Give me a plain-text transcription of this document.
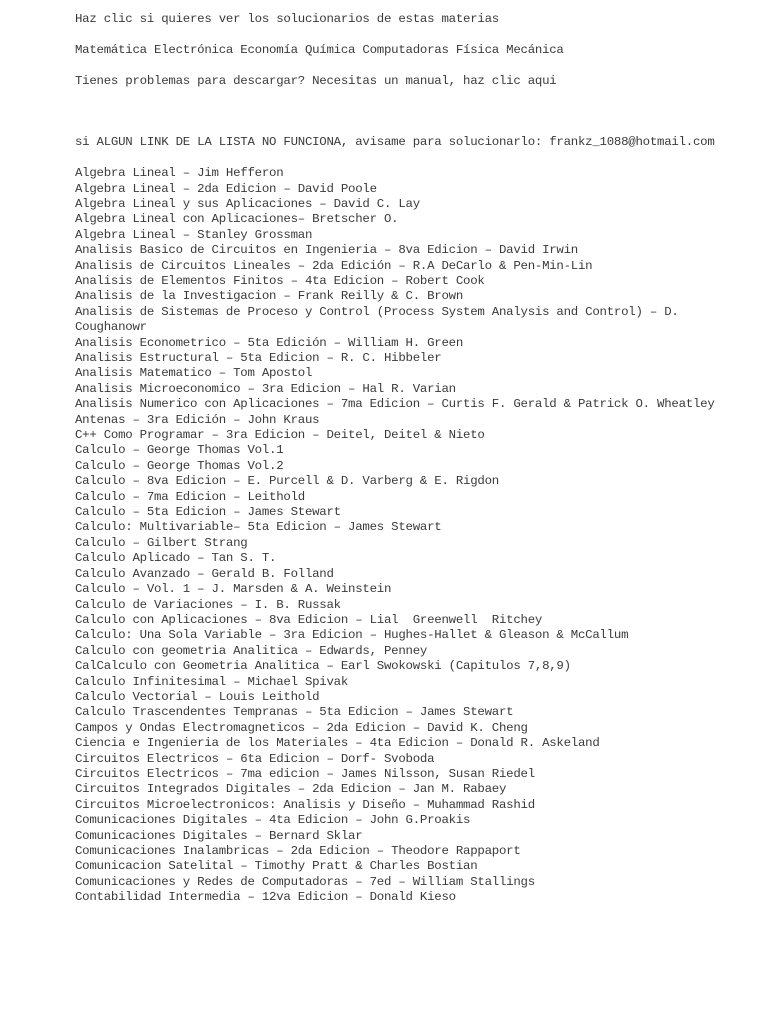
Haz clic si quieres ver los solucionarios de estas materias
Matemática Electrónica Economía Química Computadoras Física Mecánica
Tienes problemas para descargar? Necesitas un manual, haz clic aqui
si ALGUN LINK DE LA LISTA NO FUNCIONA, avisame para solucionarlo: frankz_1088@hotmail.com
Algebra Lineal – Jim Hefferon
Algebra Lineal – 2da Edicion – David Poole
Algebra Lineal y sus Aplicaciones – David C. Lay
Algebra Lineal con Aplicaciones– Bretscher O.
Algebra Lineal – Stanley Grossman
Analisis Basico de Circuitos en Ingenieria – 8va Edicion – David Irwin
Analisis de Circuitos Lineales – 2da Edición – R.A DeCarlo & Pen-Min-Lin
Analisis de Elementos Finitos – 4ta Edicion – Robert Cook
Analisis de la Investigacion – Frank Reilly & C. Brown
Analisis de Sistemas de Proceso y Control (Process System Analysis and Control) – D. Coughanowr
Analisis Econometrico – 5ta Edición – William H. Green
Analisis Estructural – 5ta Edicion – R. C. Hibbeler
Analisis Matematico – Tom Apostol
Analisis Microeconomico – 3ra Edicion – Hal R. Varian
Analisis Numerico con Aplicaciones – 7ma Edicion – Curtis F. Gerald & Patrick O. Wheatley
Antenas – 3ra Edición – John Kraus
C++ Como Programar – 3ra Edicion – Deitel, Deitel & Nieto
Calculo – George Thomas Vol.1
Calculo – George Thomas Vol.2
Calculo – 8va Edicion – E. Purcell & D. Varberg & E. Rigdon
Calculo – 7ma Edicion – Leithold
Calculo – 5ta Edicion – James Stewart
Calculo: Multivariable– 5ta Edicion – James Stewart
Calculo – Gilbert Strang
Calculo Aplicado – Tan S. T.
Calculo Avanzado – Gerald B. Folland
Calculo – Vol. 1 – J. Marsden & A. Weinstein
Calculo de Variaciones – I. B. Russak
Calculo con Aplicaciones – 8va Edicion – Lial  Greenwell  Ritchey
Calculo: Una Sola Variable – 3ra Edicion – Hughes-Hallet & Gleason & McCallum
Calculo con geometria Analitica – Edwards, Penney
CalCalculo con Geometria Analitica – Earl Swokowski (Capitulos 7,8,9)
Calculo Infinitesimal – Michael Spivak
Calculo Vectorial – Louis Leithold
Calculo Trascendentes Tempranas – 5ta Edicion – James Stewart
Campos y Ondas Electromagneticos – 2da Edicion – David K. Cheng
Ciencia e Ingenieria de los Materiales – 4ta Edicion – Donald R. Askeland
Circuitos Electricos – 6ta Edicion – Dorf- Svoboda
Circuitos Electricos – 7ma edicion – James Nilsson, Susan Riedel
Circuitos Integrados Digitales – 2da Edicion – Jan M. Rabaey
Circuitos Microelectronicos: Analisis y Diseño – Muhammad Rashid
Comunicaciones Digitales – 4ta Edicion – John G.Proakis
Comunicaciones Digitales – Bernard Sklar
Comunicaciones Inalambricas – 2da Edicion – Theodore Rappaport
Comunicacion Satelital – Timothy Pratt & Charles Bostian
Comunicaciones y Redes de Computadoras – 7ed – William Stallings
Contabilidad Intermedia – 12va Edicion – Donald Kieso
